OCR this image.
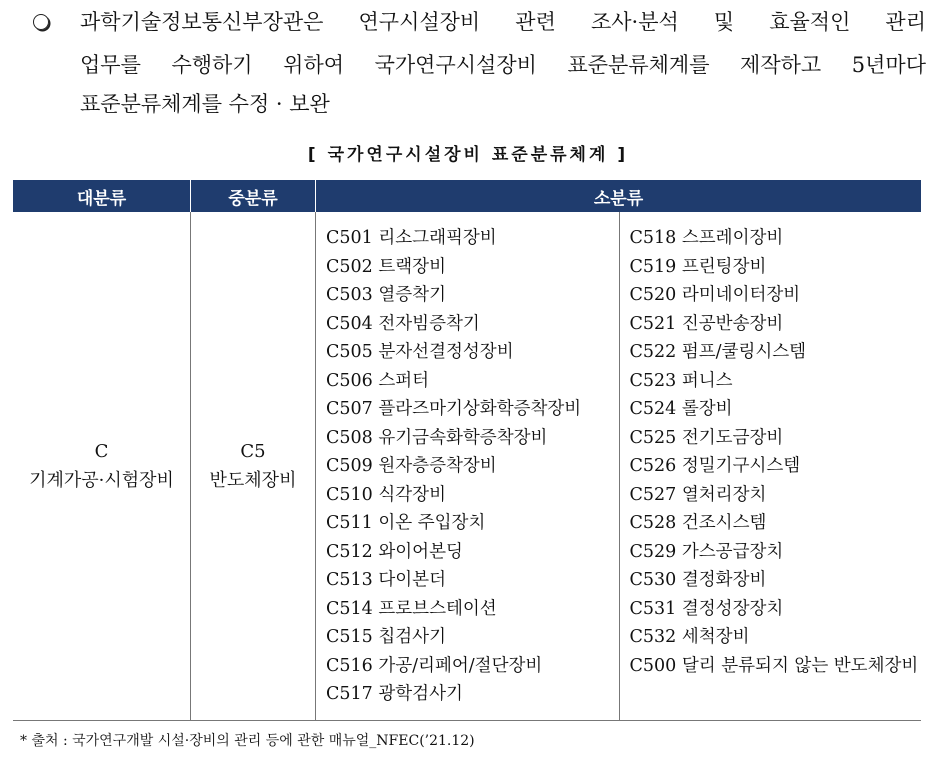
과학기술정보통신부장관은 연구시설장비 관련 조사·분석 및 효율적인 관리
업무를 수행하기 위하여 국가연구시설장비 표준분류체계를 제작하고 5년마다
표준분류체계를 수정 · 보완
[ 국가연구시설장비 표준분류체계 ]
대분류	중분류	소분류
C
기계가공·시험장비
C5
반도체장비
C501 리소그래픽장비
C502 트랙장비
C503 열증착기
C504 전자빔증착기
C505 분자선결정성장비
C506 스퍼터
C507 플라즈마기상화학증착장비
C508 유기금속화학증착장비
C509 원자층증착장비
C510 식각장비
C511 이온 주입장치
C512 와이어본딩
C513 다이본더
C514 프로브스테이션
C515 칩검사기
C516 가공/리페어/절단장비
C517 광학검사기
C518 스프레이장비
C519 프린팅장비
C520 라미네이터장비
C521 진공반송장비
C522 펌프/쿨링시스템
C523 퍼니스
C524 롤장비
C525 전기도금장비
C526 정밀기구시스템
C527 열처리장치
C528 건조시스템
C529 가스공급장치
C530 결정화장비
C531 결정성장장치
C532 세척장비
C500 달리 분류되지 않는 반도체장비
* 출처 : 국가연구개발 시설·장비의 관리 등에 관한 매뉴얼_NFEC(’21.12)
